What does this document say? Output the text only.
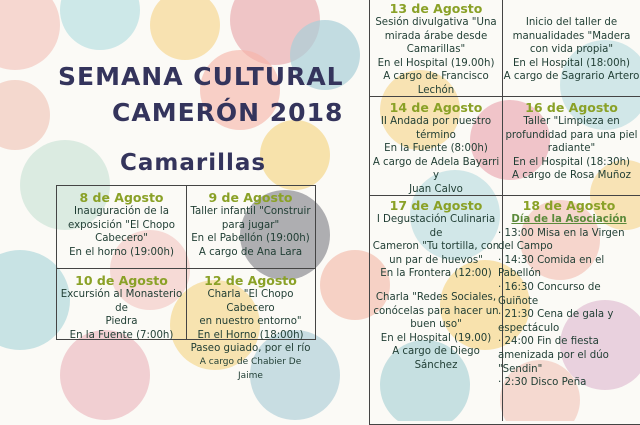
SEMANA CULTURAL
CAMERÓN 2018
Camarillas
8 de Agosto
Inauguración de la
exposición "El Chopo
Cabecero"
En el horno (19:00h)
9 de Agosto
Taller infantil "Construir
para jugar"
En el Pabellón (19:00h)
A cargo de Ana Lara
10 de Agosto
Excursión al Monasterio de
Piedra
En la Fuente (7:00h)
12 de Agosto
Charla "El Chopo Cabecero
en nuestro entorno"
En el Horno (18:00h)
Paseo guiado, por el río
A cargo de Chabier De Jaime
13 de Agosto
Sesión divulgativa "Una
mirada árabe desde
Camarillas"
En el Hospital (19.00h)
A cargo de Francisco Lechón
Inicio del taller de
manualidades "Madera
con vida propia"
En el Hospital (18:00h)
A cargo de Sagrario Artero
14 de Agosto
II Andada por nuestro
término
En la Fuente (8:00h)
A cargo de Adela Bayarri y
Juan Calvo
16 de Agosto
Taller "Limpieza en
profundidad para una piel
radiante"
En el Hospital (18:30h)
A cargo de Rosa Muñoz
17 de Agosto
I Degustación Culinaria de
Cameron "Tu tortilla, con
un par de huevos"
En la Frontera (12:00)
Charla "Redes Sociales,
conócelas para hacer un
buen uso"
En el Hospital (19.00)
A cargo de Diego Sánchez
18 de Agosto
Día de la Asociación
· 13:00 Misa en la Virgen
del Campo
· 14:30 Comida en el
Pabellón
· 16:30 Concurso de Guiñote
· 21:30 Cena de gala y
espectáculo
· 24:00 Fin de fiesta
amenizada por el dúo
"Sendin"
· 2:30 Disco Peña
